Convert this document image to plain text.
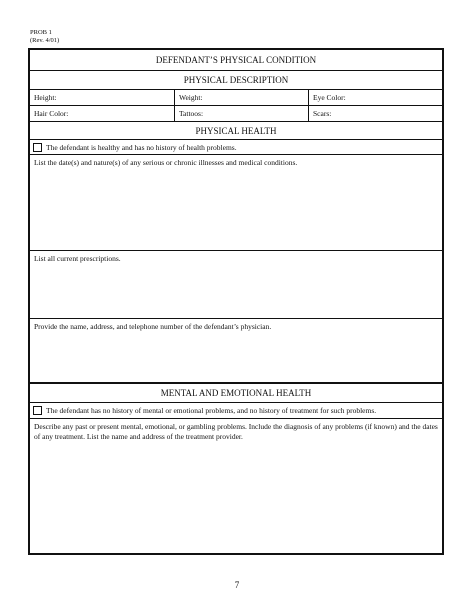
PROB 1
(Rev. 4/01)
DEFENDANT’S PHYSICAL CONDITION
PHYSICAL DESCRIPTION
Height:	Weight:	Eye Color:
Hair Color:	Tattoos:	Scars:
PHYSICAL HEALTH
The defendant is healthy and has no history of health problems.
List the date(s) and nature(s) of any serious or chronic illnesses and medical conditions.
List all current prescriptions.
Provide the name, address, and telephone number of the defendant’s physician.
MENTAL AND EMOTIONAL HEALTH
The defendant has no history of mental or emotional problems, and no history of treatment for such problems.
Describe any past or present mental, emotional, or gambling problems. Include the diagnosis of any problems (if known) and the dates of any treatment. List the name and address of the treatment provider.
7
